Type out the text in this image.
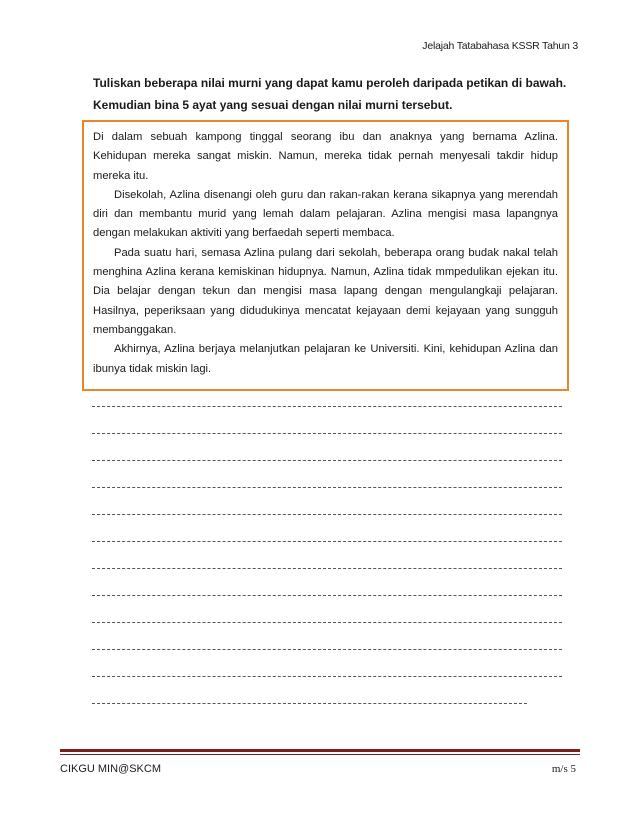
Jelajah Tatabahasa KSSR Tahun 3
Tuliskan beberapa nilai murni yang dapat kamu peroleh daripada petikan di bawah.
Kemudian bina 5 ayat yang sesuai dengan nilai murni tersebut.

Di dalam sebuah kampong tinggal seorang ibu dan anaknya yang bernama Azlina. Kehidupan mereka sangat miskin. Namun, mereka tidak pernah menyesali takdir hidup mereka itu.

Disekolah, Azlina disenangi oleh guru dan rakan-rakan kerana sikapnya yang merendah diri dan membantu murid yang lemah dalam pelajaran. Azlina mengisi masa lapangnya dengan melakukan aktiviti yang berfaedah seperti membaca.

Pada suatu hari, semasa Azlina pulang dari sekolah, beberapa orang budak nakal telah menghina Azlina kerana kemiskinan hidupnya. Namun, Azlina tidak mmpedulikan ejekan itu. Dia belajar dengan tekun dan mengisi masa lapang dengan mengulangkaji pelajaran. Hasilnya, peperiksaan yang didudukinya mencatat kejayaan demi kejayaan yang sungguh membanggakan.

Akhirnya, Azlina berjaya melanjutkan pelajaran ke Universiti. Kini, kehidupan Azlina dan ibunya tidak miskin lagi.

CIKGU MIN@SKCM	m/s 5
